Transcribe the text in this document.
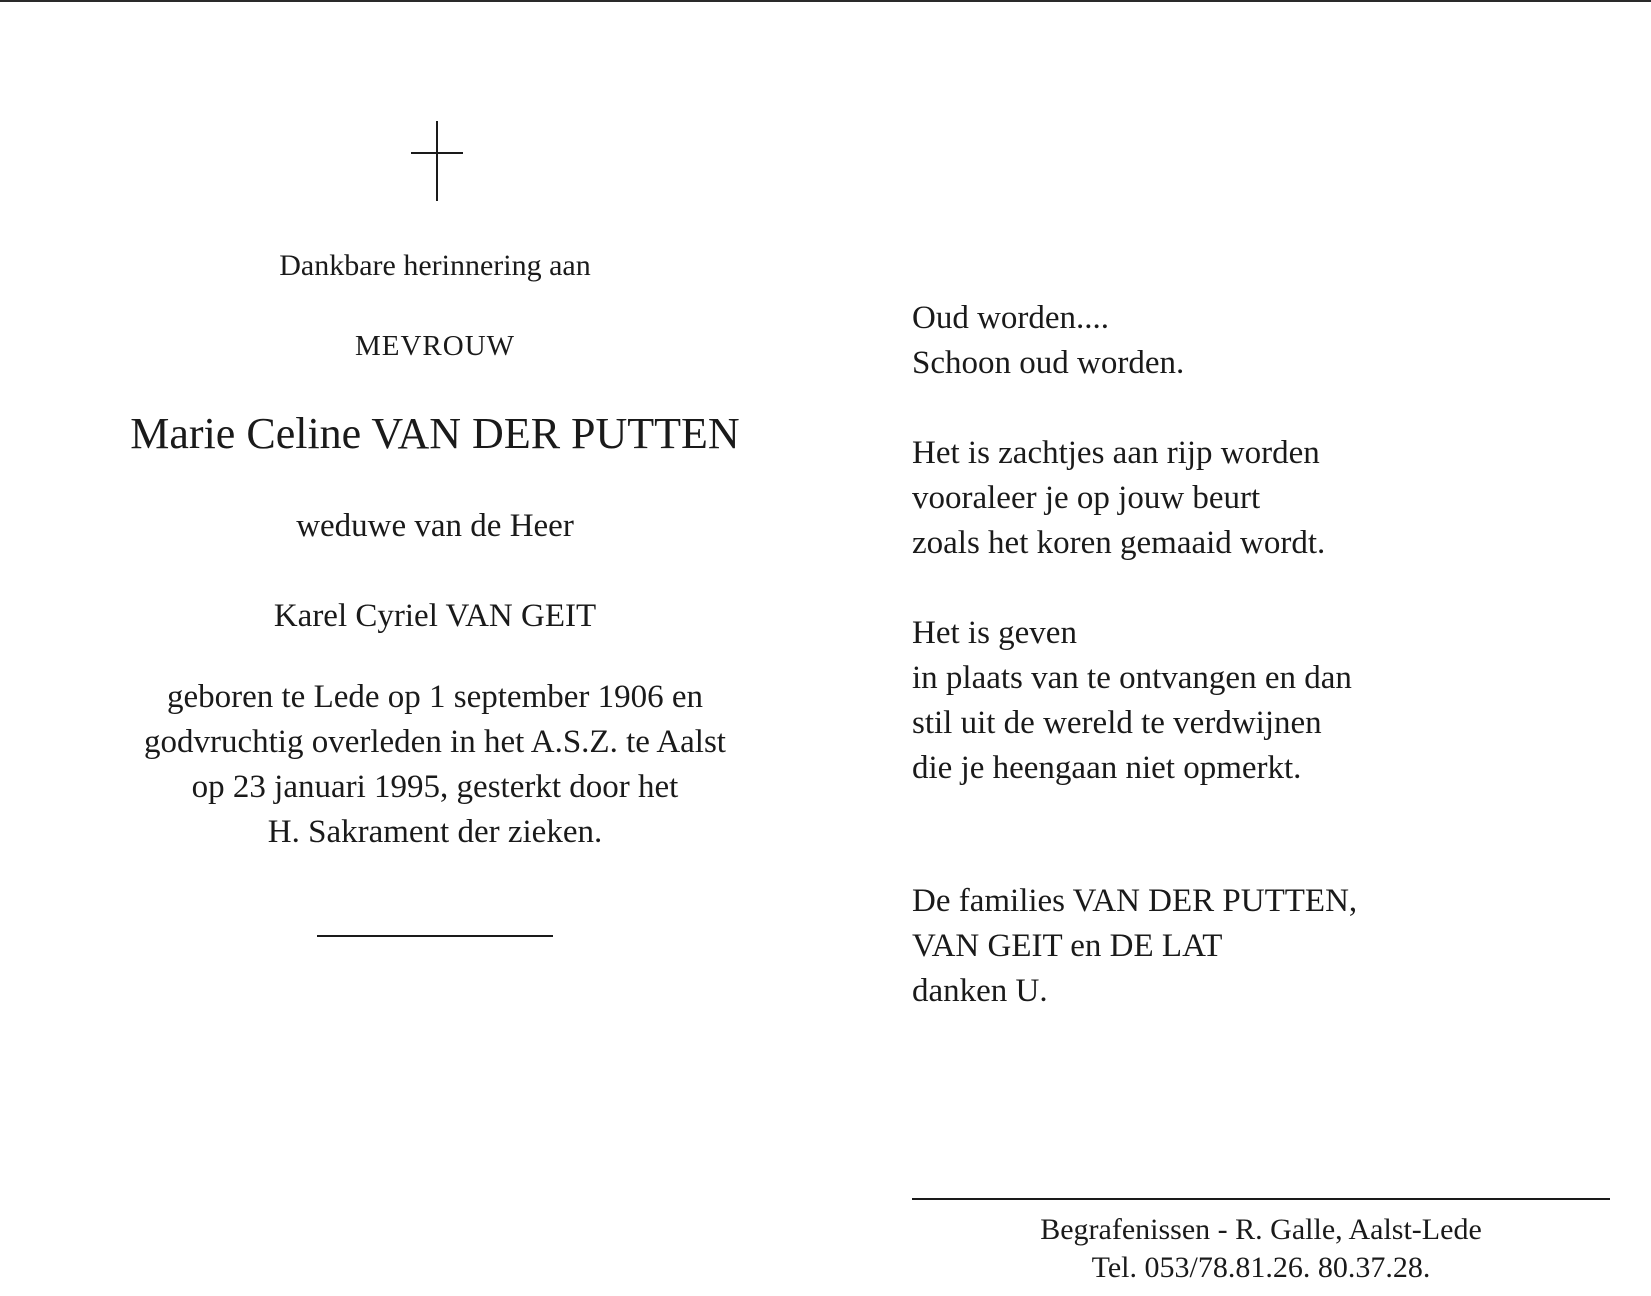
Dankbare herinnering aan
MEVROUW
Marie Celine VAN DER PUTTEN
weduwe van de Heer
Karel Cyriel VAN GEIT
geboren te Lede op 1 september 1906 en
godvruchtig overleden in het A.S.Z. te Aalst
op 23 januari 1995, gesterkt door het
H. Sakrament der zieken.
Oud worden....
Schoon oud worden.
Het is zachtjes aan rijp worden
vooraleer je op jouw beurt
zoals het koren gemaaid wordt.
Het is geven
in plaats van te ontvangen en dan
stil uit de wereld te verdwijnen
die je heengaan niet opmerkt.
De families VAN DER PUTTEN,
VAN GEIT en DE LAT
danken U.
Begrafenissen - R. Galle, Aalst-Lede
Tel. 053/78.81.26. 80.37.28.
